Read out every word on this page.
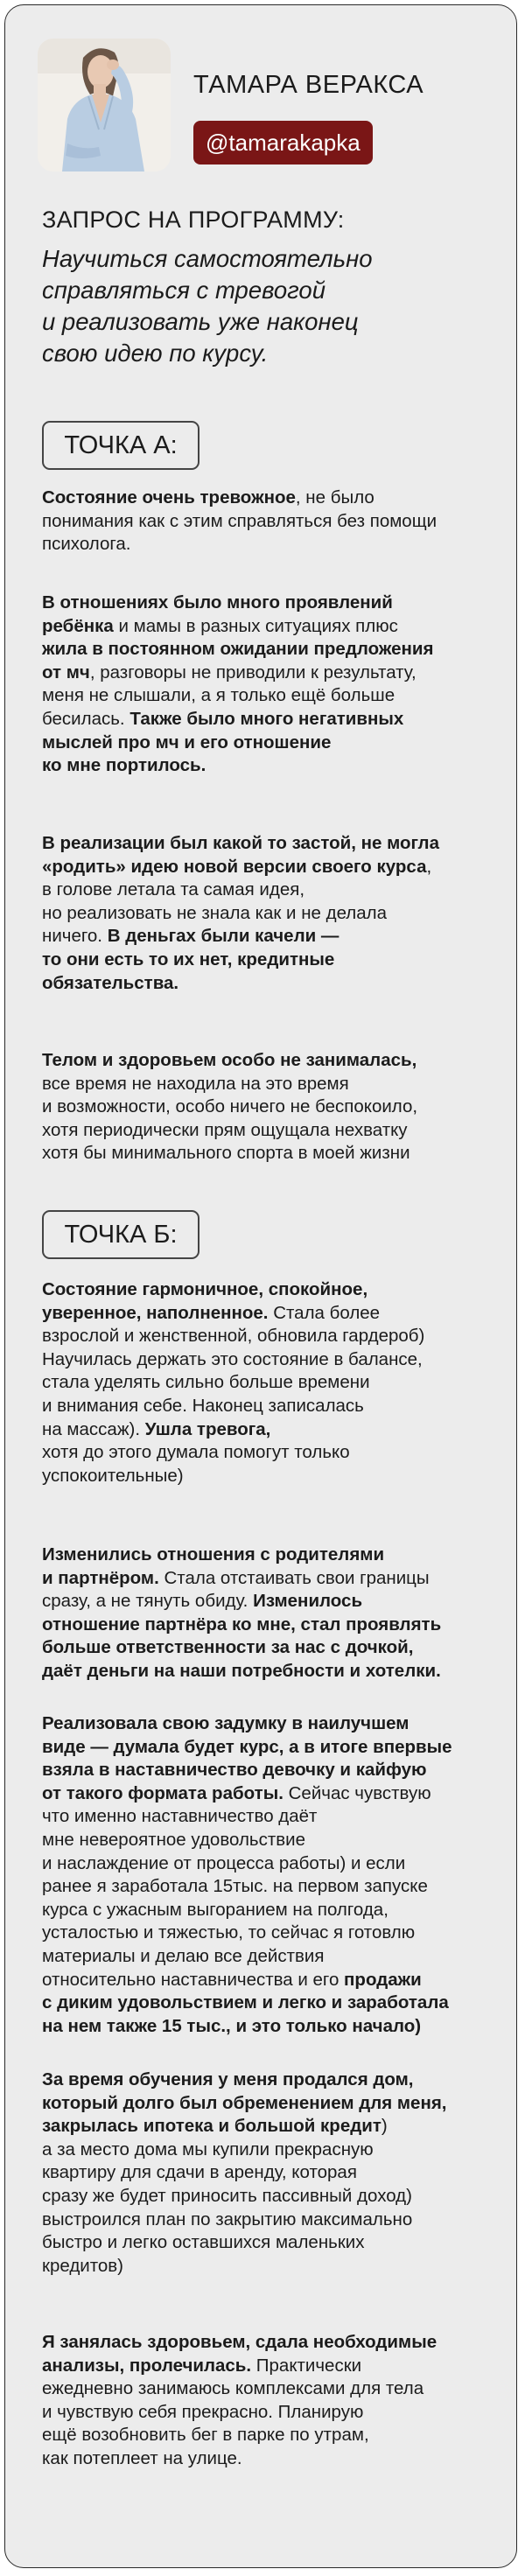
ТАМАРА ВЕРАКСА
@tamarakapka
ЗАПРОС НА ПРОГРАММУ:
Научиться самостоятельно
справляться с тревогой
и реализовать уже наконец
свою идею по курсу.
ТОЧКА А:
Состояние очень тревожное, не было
понимания как с этим справляться без помощи
психолога.
В отношениях было много проявлений
ребёнка и мамы в разных ситуациях плюс
жила в постоянном ожидании предложения
от мч, разговоры не приводили к результату,
меня не слышали, а я только ещё больше
бесилась. Также было много негативных
мыслей про мч и его отношение
ко мне портилось.
В реализации был какой то застой, не могла
«родить» идею новой версии своего курса,
в голове летала та самая идея,
но реализовать не знала как и не делала
ничего. В деньгах были качели —
то они есть то их нет, кредитные
обязательства.
Телом и здоровьем особо не занималась,
все время не находила на это время
и возможности, особо ничего не беспокоило,
хотя периодически прям ощущала нехватку
хотя бы минимального спорта в моей жизни
ТОЧКА Б:
Состояние гармоничное, спокойное,
уверенное, наполненное. Стала более
взрослой и женственной, обновила гардероб)
Научилась держать это состояние в балансе,
стала уделять сильно больше времени
и внимания себе. Наконец записалась
на массаж). Ушла тревога,
хотя до этого думала помогут только
успокоительные)
Изменились отношения с родителями
и партнёром. Стала отстаивать свои границы
сразу, а не тянуть обиду. Изменилось
отношение партнёра ко мне, стал проявлять
больше ответственности за нас с дочкой,
даёт деньги на наши потребности и хотелки.
Реализовала свою задумку в наилучшем
виде — думала будет курс, а в итоге впервые
взяла в наставничество девочку и кайфую
от такого формата работы. Сейчас чувствую
что именно наставничество даёт
мне невероятное удовольствие
и наслаждение от процесса работы) и если
ранее я заработала 15тыс. на первом запуске
курса с ужасным выгоранием на полгода,
усталостью и тяжестью, то сейчас я готовлю
материалы и делаю все действия
относительно наставничества и его продажи
с диким удовольствием и легко и заработала
на нем также 15 тыс., и это только начало)
За время обучения у меня продался дом,
который долго был обременением для меня,
закрылась ипотека и большой кредит)
а за место дома мы купили прекрасную
квартиру для сдачи в аренду, которая
сразу же будет приносить пассивный доход)
выстроился план по закрытию максимально
быстро и легко оставшихся маленьких
кредитов)
Я занялась здоровьем, сдала необходимые
анализы, пролечилась. Практически
ежедневно занимаюсь комплексами для тела
и чувствую себя прекрасно. Планирую
ещё возобновить бег в парке по утрам,
как потеплеет на улице.
